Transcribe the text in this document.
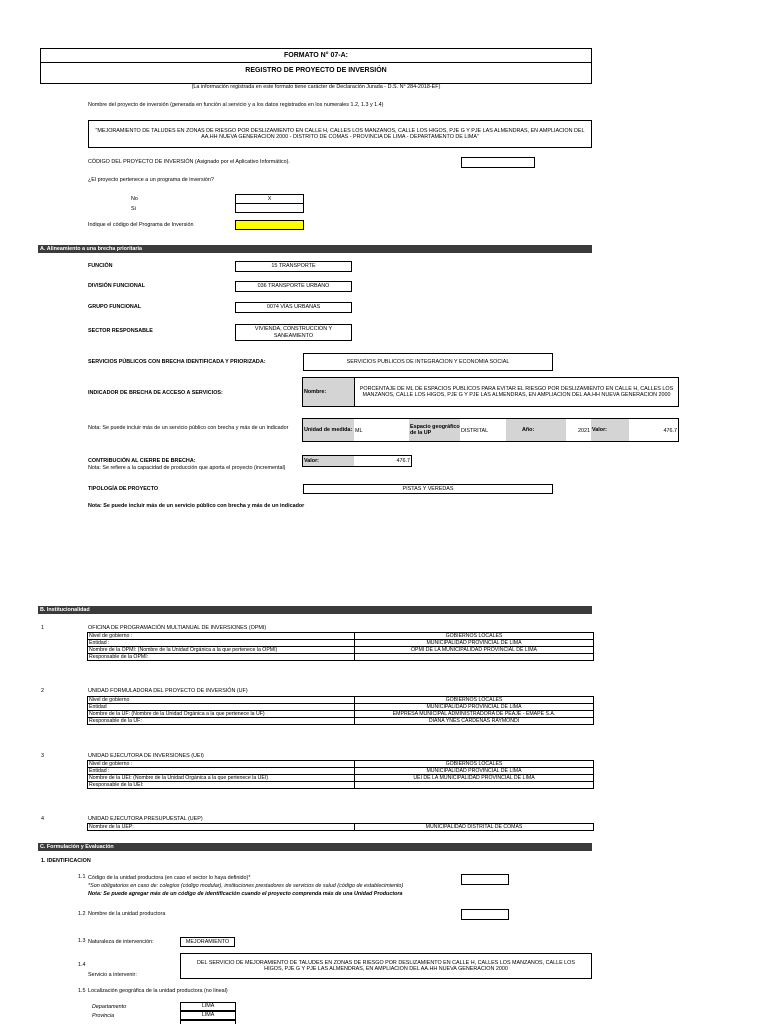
FORMATO N° 07-A:
REGISTRO DE PROYECTO DE INVERSIÓN
(La información registrada en este formato tiene carácter de Declaración Jurada - D.S. N° 284-2018-EF)
Nombre del proyecto de inversión (generada en función al servicio y a los datos registrados en los numerales 1.2, 1.3 y 1.4)
"MEJORAMIENTO DE TALUDES EN ZONAS DE RIESGO POR DESLIZAMIENTO EN CALLE H, CALLES LOS MANZANOS, CALLE LOS HIGOS, PJE G Y PJE LAS ALMENDRAS, EN AMPLIACION DEL AA.HH NUEVA GENERACION 2000 - DISTRITO DE COMAS - PROVINCIA DE LIMA - DEPARTAMENTO DE LIMA"
CÓDIGO DEL PROYECTO DE INVERSIÓN (Asignado por el Aplicativo Informático).
¿El proyecto pertenece a un programa de inversión?
No	X
Si
Indique el código del Programa de Inversión
A. Alineamiento a una brecha prioritaria
FUNCIÓN	15 TRANSPORTE
DIVISIÓN FUNCIONAL	036 TRANSPORTE URBANO
GRUPO FUNCIONAL	0074 VÍAS URBANAS
SECTOR RESPONSABLE	VIVIENDA, CONSTRUCCION Y SANEAMIENTO
SERVICIOS PÚBLICOS CON BRECHA IDENTIFICADA Y PRIORIZADA:	SERVICIOS PUBLICOS DE INTEGRACION Y ECONOMIA SOCIAL
INDICADOR DE BRECHA DE ACCESO A SERVICIOS:	Nombre:
PORCENTAJE DE ML DE ESPACIOS PUBLICOS PARA EVITAR EL RIESGO POR DESLIZAMIENTO EN CALLE H, CALLES LOS MANZANOS, CALLE LOS HIGOS, PJE G Y PJE LAS ALMENDRAS, EN AMPLIACION DEL AA.HH NUEVA GENERACION 2000
Nota: Se puede incluir más de un servicio público con brecha y más de un indicador	Unidad de medida: ML
Espacio geográfico de la UP	DISTRITAL	Año:	2021 Valor:	476.7
CONTRIBUCIÓN AL CIERRE DE BRECHA:
Nota: Se refiere a la capacidad de producción que aporta el proyecto (incremental)
Valor:	476.7
TIPOLOGÍA DE PROYECTO	PISTAS Y VEREDAS
Nota: Se puede incluir más de un servicio público con brecha y más de un indicador
B. Institucionalidad
1	OFICINA DE PROGRAMACIÓN MULTIANUAL DE INVERSIONES (OPMI)
Nivel de gobierno :	GOBIERNOS LOCALES
Entidad :	MUNICIPALIDAD PROVINCIAL DE LIMA
Nombre de la OPMI: (Nombre de la Unidad Orgánica a la que pertenece la OPMI)	OPMI DE LA MUNICIPALIDAD PROVINCIAL DE LIMA
Responsable de la OPMI:	
2	UNIDAD FORMULADORA DEL PROYECTO DE INVERSIÓN (UF)
Nivel de gobierno	GOBIERNOS LOCALES
Entidad	MUNICIPALIDAD PROVINCIAL DE LIMA
Nombre de la UF: (Nombre de la Unidad Orgánica a la que pertenece la UF)	EMPRESA MUNICIPAL ADMINISTRADORA DE PEAJE - EMAPE S.A.
Responsable de la UF:	DIANA YNES CARDENAS RAYMONDI
3	UNIDAD EJECUTORA DE INVERSIONES (UEI)
Nivel de gobierno :	GOBIERNOS LOCALES
Entidad :	MUNICIPALIDAD PROVINCIAL DE LIMA
Nombre de la UEI: (Nombre de la Unidad Orgánica a la que pertenece la UEI)	UEI DE LA MUNICIPALIDAD PROVINCIAL DE LIMA
Responsable de la UEI:	
4	UNIDAD EJECUTORA PRESUPUESTAL (UEP)
Nombre de la UEP:	MUNICIPALIDAD DISTRITAL DE COMAS
C. Formulación y Evaluación
1. IDENTIFICACION
1.1 Código de la unidad productora (en caso el sector lo haya definido)*
*Son obligatorios en caso de: colegios (código modular), instituciones prestadores de servicios de salud (código de establecimiento)
Nota: Se puede agregar más de un código de identificación cuando el proyecto comprenda más de una Unidad Productora
1.2 Nombre de la unidad productora
1.3 Naturaleza de intervención:	MEJORAMIENTO
1.4
Servicio a intervenir:
DEL SERVICIO DE MEJORAMIENTO DE TALUDES EN ZONAS DE RIESGO POR DESLIZAMIENTO EN CALLE H, CALLES LOS MANZANOS, CALLE LOS HIGOS, PJE G Y PJE LAS ALMENDRAS, EN AMPLIACION DEL AA.HH NUEVA GENERACION 2000
1.5 Localización geográfica de la unidad productora (no lineal)
Departamento	LIMA
Provincia	LIMA
